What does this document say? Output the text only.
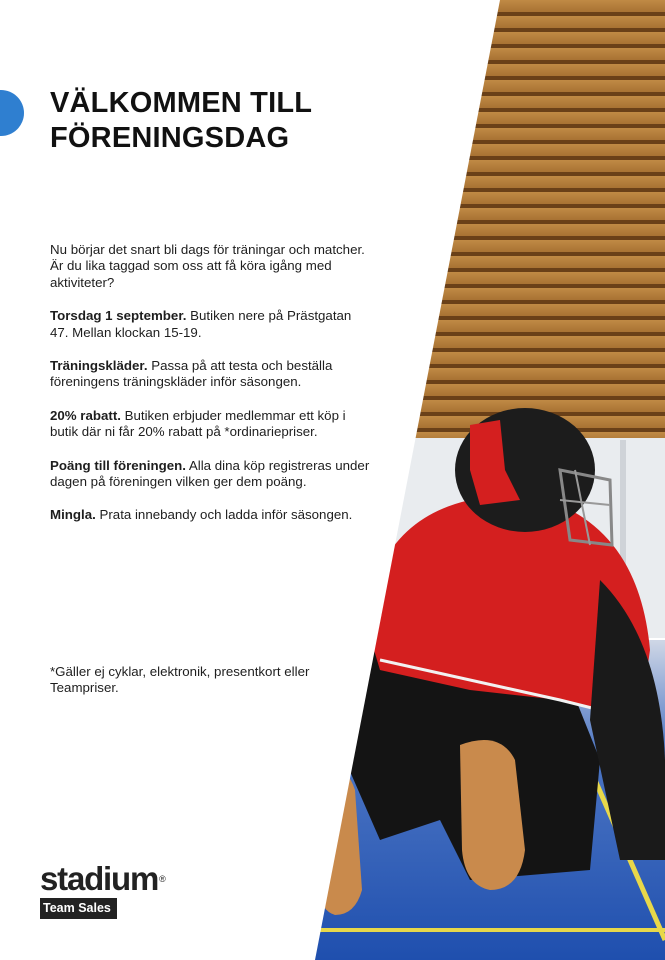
VÄLKOMMEN TILL FÖRENINGSDAG

Nu börjar det snart bli dags för träningar och matcher. Är du lika taggad som oss att få köra igång med aktiviteter?

Torsdag 1 september. Butiken nere på Prästgatan 47. Mellan klockan 15-19.

Träningskläder. Passa på att testa och beställa föreningens träningskläder inför säsongen.

20% rabatt. Butiken erbjuder medlemmar ett köp i butik där ni får 20% rabatt på *ordinariepriser.

Poäng till föreningen. Alla dina köp registreras under dagen på föreningen vilken ger dem poäng.

Mingla. Prata innebandy och ladda inför säsongen.

*Gäller ej cyklar, elektronik, presentkort eller Teampriser.

stadium®
Team Sales
